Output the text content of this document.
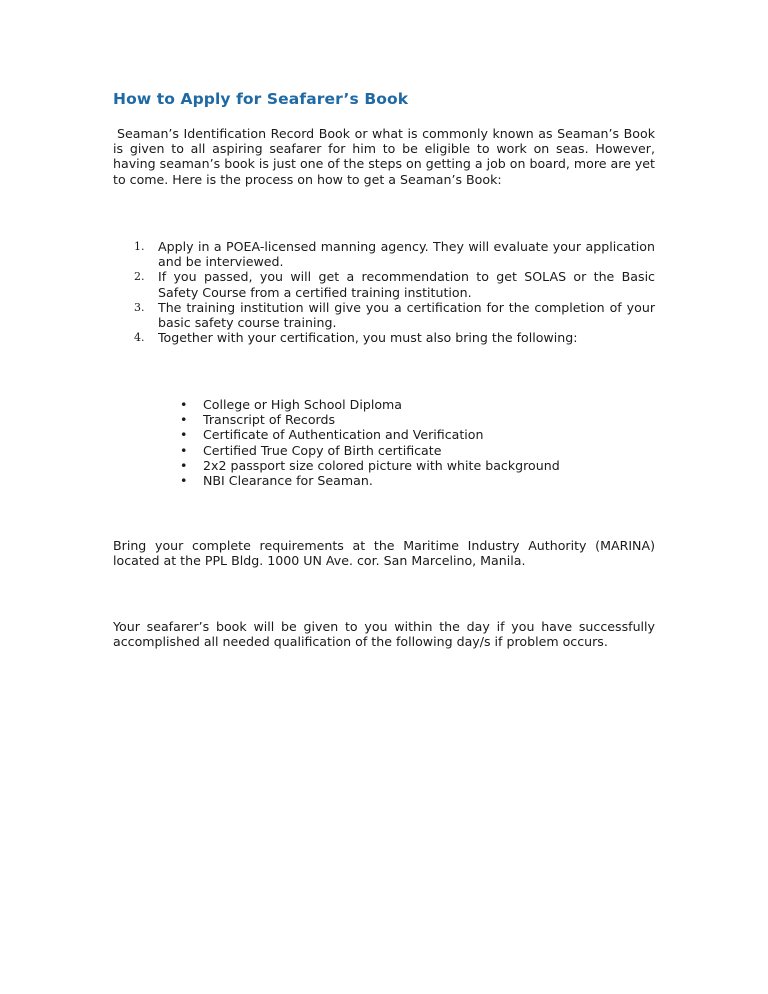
How to Apply for Seafarer’s Book
Seaman’s Identification Record Book or what is commonly known as Seaman’s Book is given to all aspiring seafarer for him to be eligible to work on seas. However, having seaman’s book is just one of the steps on getting a job on board, more are yet to come. Here is the process on how to get a Seaman’s Book:
1. Apply in a POEA-licensed manning agency. They will evaluate your application and be interviewed.
2. If you passed, you will get a recommendation to get SOLAS or the Basic Safety Course from a certified training institution.
3. The training institution will give you a certification for the completion of your basic safety course training.
4. Together with your certification, you must also bring the following:
• College or High School Diploma
• Transcript of Records
• Certificate of Authentication and Verification
• Certified True Copy of Birth certificate
• 2x2 passport size colored picture with white background
• NBI Clearance for Seaman.
Bring your complete requirements at the Maritime Industry Authority (MARINA) located at the PPL Bldg. 1000 UN Ave. cor. San Marcelino, Manila.
Your seafarer’s book will be given to you within the day if you have successfully accomplished all needed qualification of the following day/s if problem occurs.
